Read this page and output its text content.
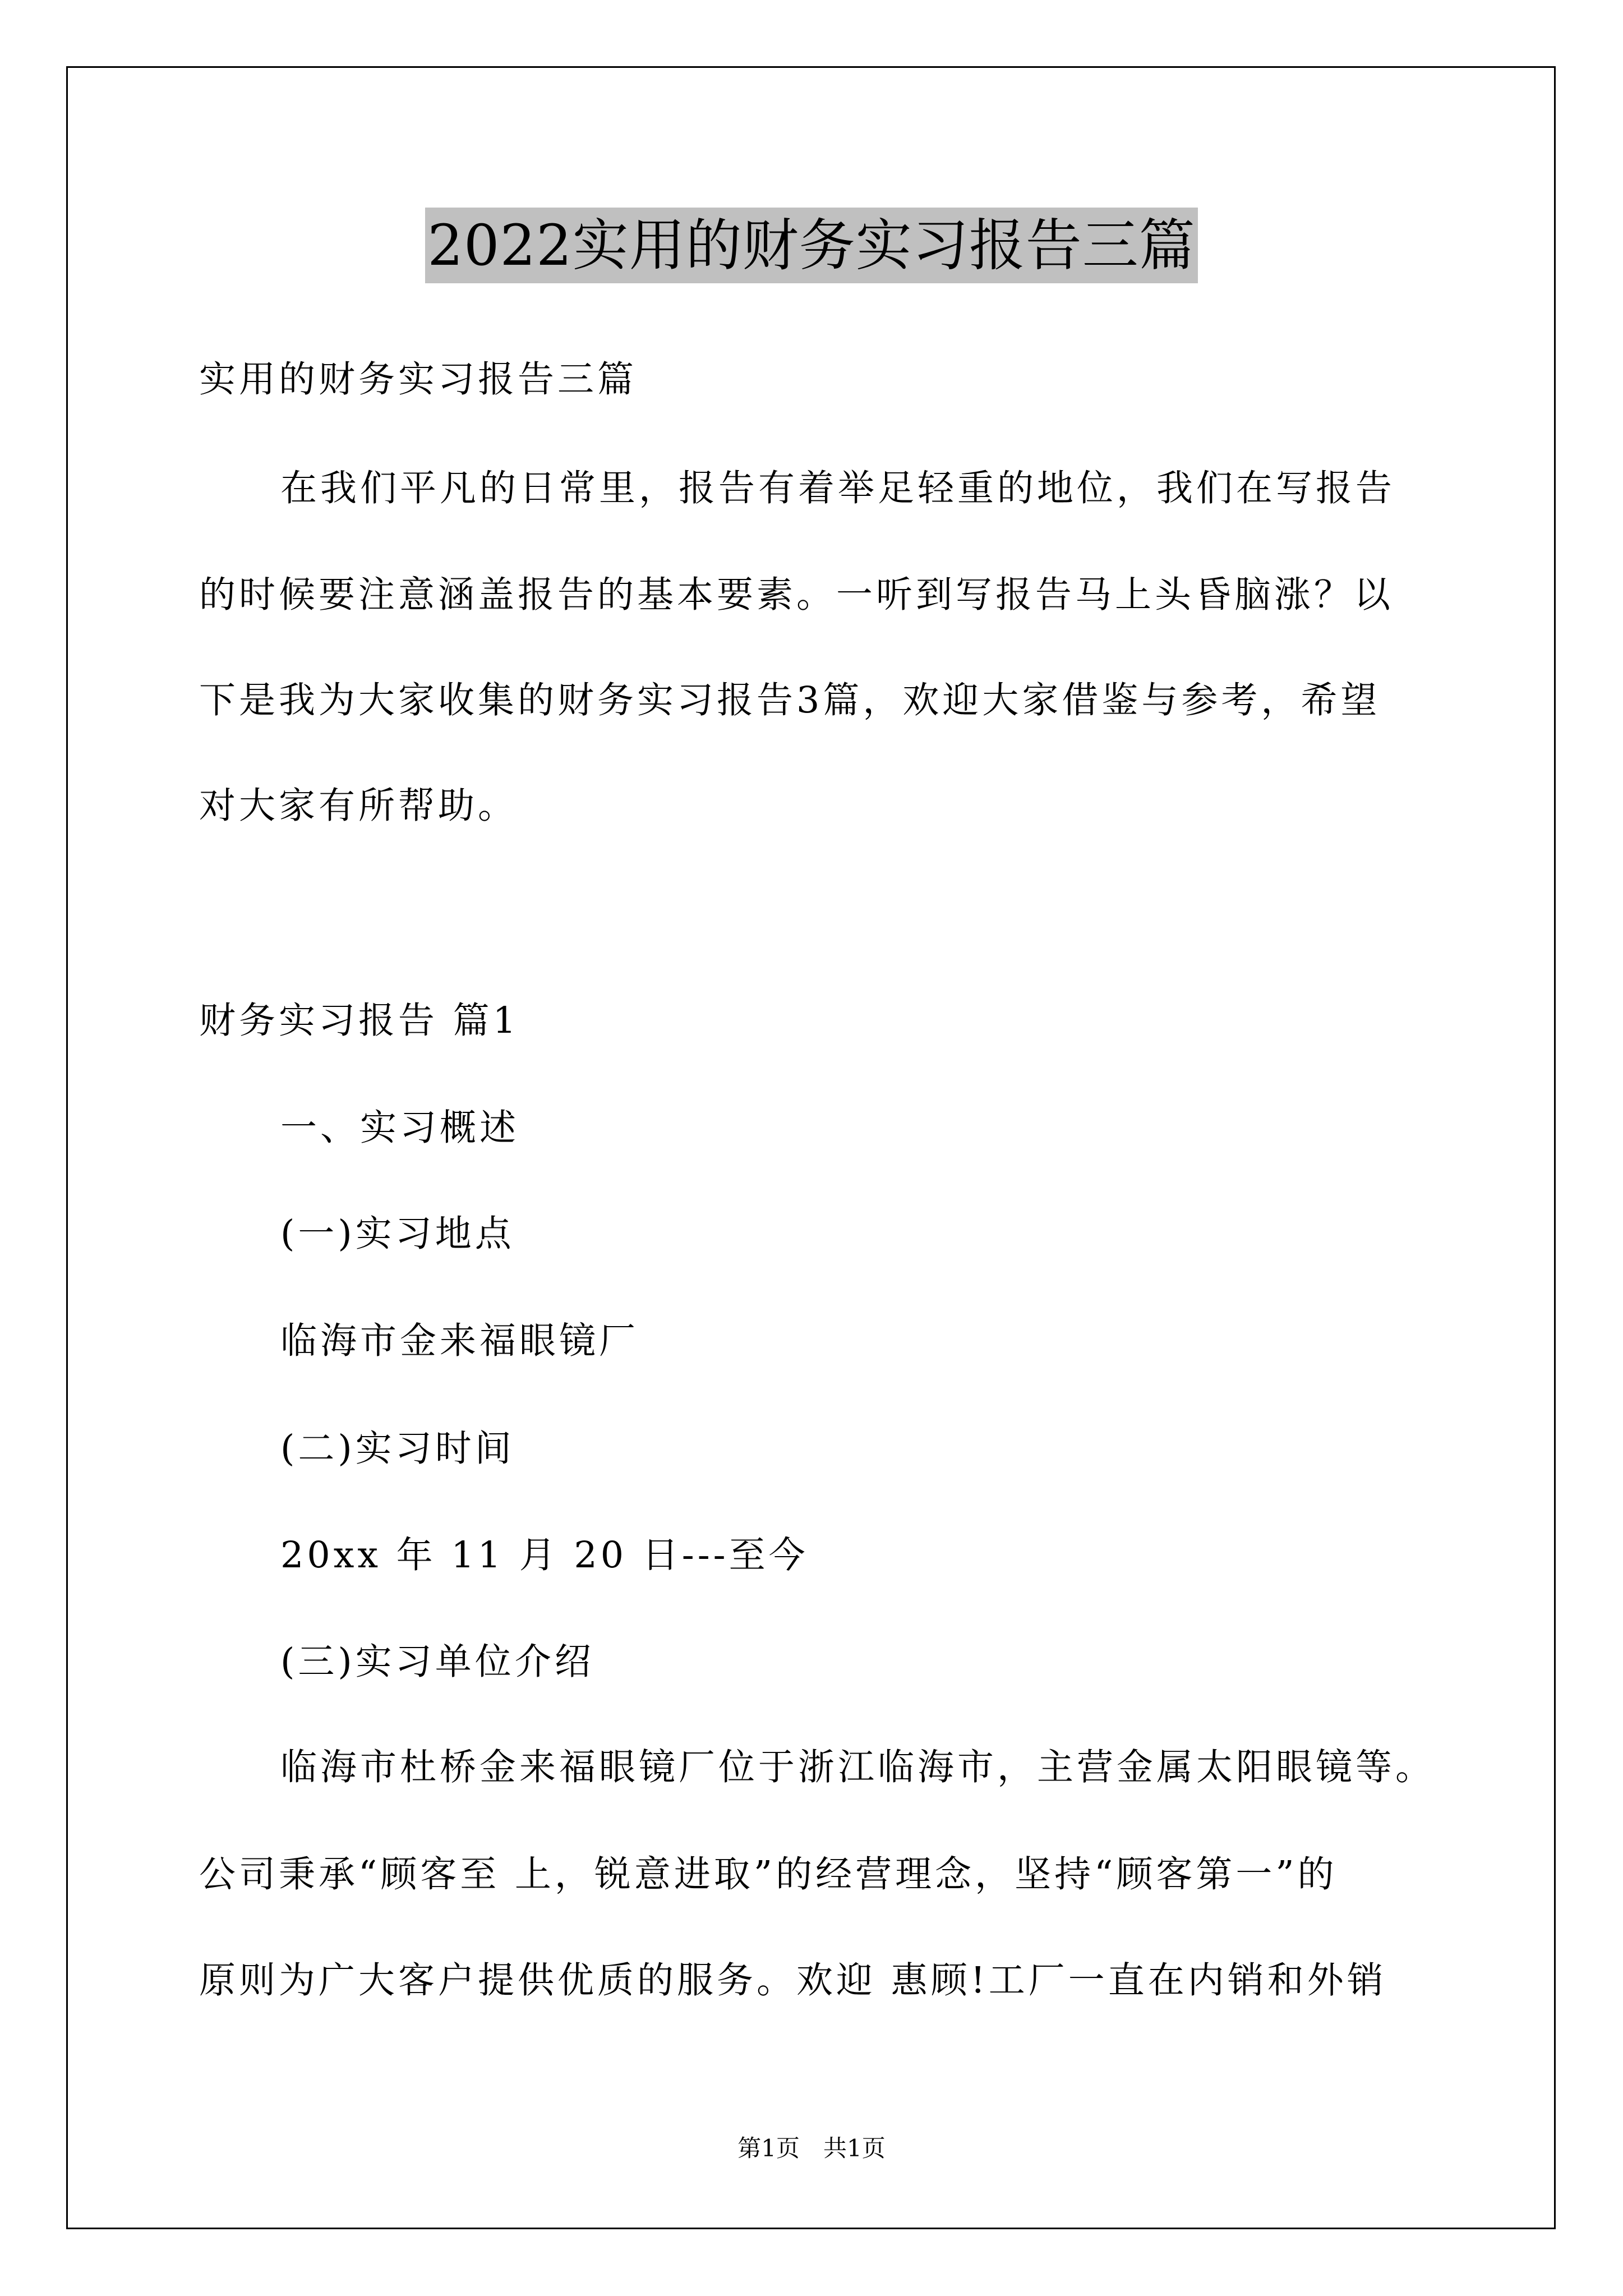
2022实用的财务实习报告三篇
实用的财务实习报告三篇
在我们平凡的日常里，报告有着举足轻重的地位，我们在写报告
的时候要注意涵盖报告的基本要素。一听到写报告马上头昏脑涨？以
下是我为大家收集的财务实习报告3篇，欢迎大家借鉴与参考，希望
对大家有所帮助。
财务实习报告 篇1
一、实习概述
(一)实习地点
临海市金来福眼镜厂
(二)实习时间
20xx 年 11 月 20 日---至今
(三)实习单位介绍
临海市杜桥金来福眼镜厂位于浙江临海市，主营金属太阳眼镜等。
公司秉承“顾客至 上，锐意进取”的经营理念，坚持“顾客第一”的
原则为广大客户提供优质的服务。欢迎 惠顾!工厂一直在内销和外销
第1页　共1页
